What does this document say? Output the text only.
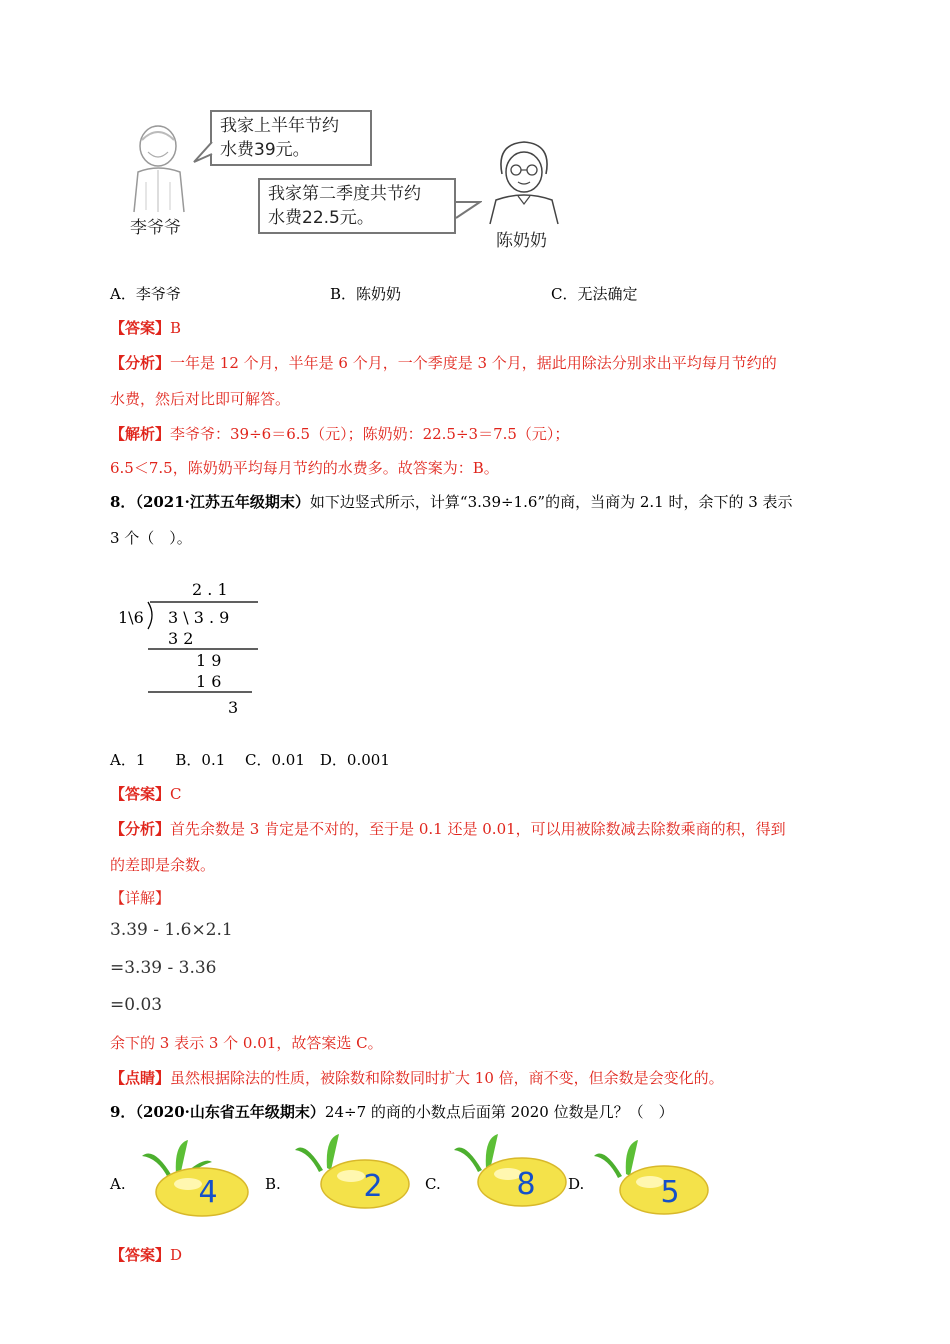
李爷爷
我家上半年节约
水费39元。
我家第二季度共节约
水费22.5元。
陈奶奶
A．李爷爷	B．陈奶奶	C．无法确定
【答案】B
【分析】一年是 12 个月，半年是 6 个月，一个季度是 3 个月，据此用除法分别求出平均每月节约的
水费，然后对比即可解答。
【解析】李爷爷：39÷6＝6.5（元）；陈奶奶：22.5÷3＝7.5（元）；
6.5＜7.5，陈奶奶平均每月节约的水费多。故答案为：B。
8．（2021·江苏五年级期末）如下边竖式所示，计算“3.39÷1.6”的商，当商为 2.1 时，余下的 3 表示
3 个（　）。
2 . 1
1\6 3 \ 3 . 9
3 2
1 9
1 6
3
A．1　　B．0.1　 C．0.01　D．0.001
【答案】C
【分析】首先余数是 3 肯定是不对的，至于是 0.1 还是 0.01，可以用被除数减去除数乘商的积，得到
的差即是余数。
【详解】
3.39 - 1.6×2.1
=3.39 - 3.36
=0.03
余下的 3 表示 3 个 0.01，故答案选 C。
【点睛】虽然根据除法的性质，被除数和除数同时扩大 10 倍，商不变，但余数是会变化的。
9．（2020·山东省五年级期末）24÷7 的商的小数点后面第 2020 位数是几？（　）
A. 4	B.	2	C.	8 D.	5
【答案】D
